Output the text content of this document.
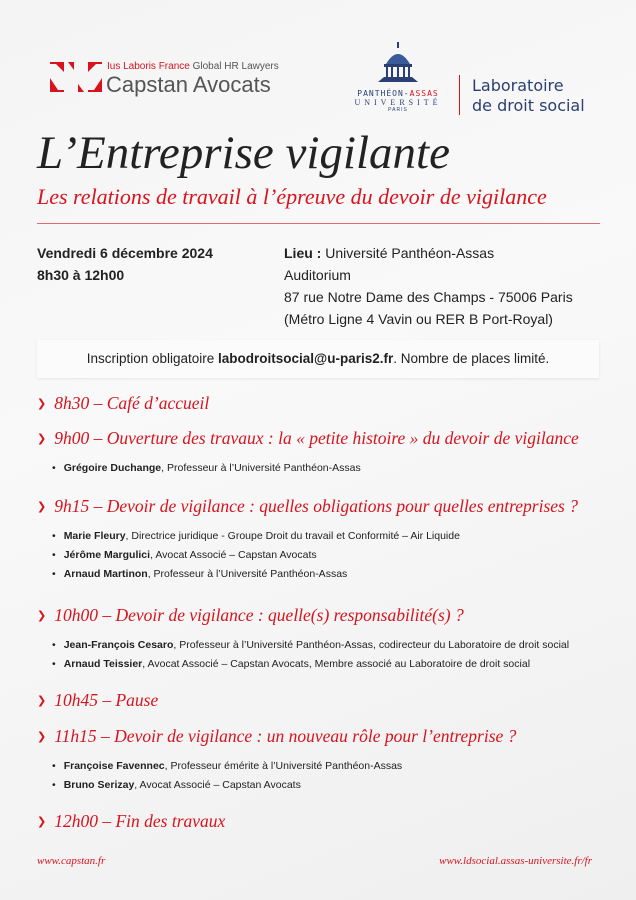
Ius Laboris France Global HR Lawyers
Capstan Avocats	PANTHÉON-ASSAS
UNIVERSITÉ
PARIS
Laboratoire
de droit social
L’Entreprise vigilante
Les relations de travail à l’épreuve du devoir de vigilance
Vendredi 6 décembre 2024
8h30 à 12h00
Lieu : Université Panthéon-Assas
Auditorium
87 rue Notre Dame des Champs - 75006 Paris
(Métro Ligne 4 Vavin ou RER B Port-Royal)
Inscription obligatoire labodroitsocial@u-paris2.fr. Nombre de places limité.
❯ 8h30 – Café d’accueil
❯ 9h00 – Ouverture des travaux : la « petite histoire » du devoir de vigilance
• Grégoire Duchange, Professeur à l’Université Panthéon-Assas
❯ 9h15 – Devoir de vigilance : quelles obligations pour quelles entreprises ?
• Marie Fleury, Directrice juridique - Groupe Droit du travail et Conformité – Air Liquide
• Jérôme Margulici, Avocat Associé – Capstan Avocats
• Arnaud Martinon, Professeur à l’Université Panthéon-Assas
❯ 10h00 – Devoir de vigilance : quelle(s) responsabilité(s) ?
• Jean-François Cesaro, Professeur à l’Université Panthéon-Assas, codirecteur du Laboratoire de droit social
• Arnaud Teissier, Avocat Associé – Capstan Avocats, Membre associé au Laboratoire de droit social
❯ 10h45 – Pause
❯ 11h15 – Devoir de vigilance : un nouveau rôle pour l’entreprise ?
• Françoise Favennec, Professeur émérite à l’Université Panthéon-Assas
• Bruno Serizay, Avocat Associé – Capstan Avocats
❯ 12h00 – Fin des travaux
www.capstan.fr	www.ldsocial.assas-universite.fr/fr
